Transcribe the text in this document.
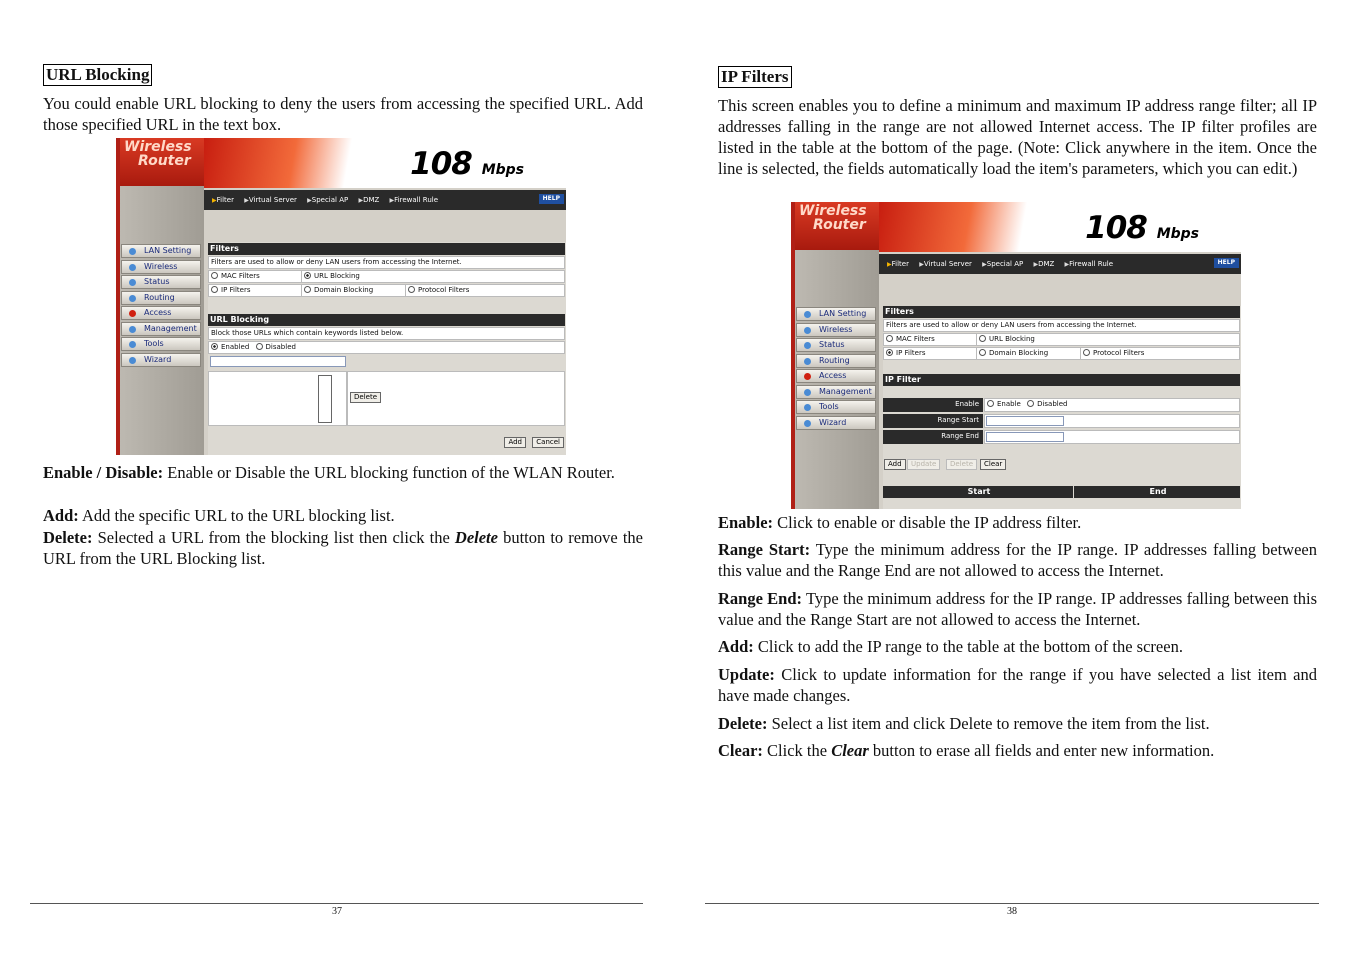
URL Blocking
You could enable URL blocking to deny the users from accessing the specified URL. Add those specified URL in the text box.
Wireless
Router	108 Mbps
▶ Filter ▶ Virtual Server ▶ Special AP ▶ DMZ ▶ Firewall Rule	HELP
LAN Setting
Wireless
Status
Routing
Access
Management
Tools
Wizard
Filters
Filters are used to allow or deny LAN users from accessing the Internet.
MAC Filters	URL Blocking
IP Filters	Domain Blocking	Protocol Filters
URL Blocking
Block those URLs which contain keywords listed below.
Enabled Disabled
Delete
Add	Cancel
Enable / Disable: Enable or Disable the URL blocking function of the WLAN Router.
Add: Add the specific URL to the URL blocking list.
Delete: Selected a URL from the blocking list then click the Delete button to remove the URL from the URL Blocking list.
37
IP Filters
This screen enables you to define a minimum and maximum IP address range filter; all IP addresses falling in the range are not allowed Internet access. The IP filter profiles are listed in the table at the bottom of the page. (Note: Click anywhere in the item. Once the line is selected, the fields automatically load the item's parameters, which you can edit.)
Wireless
Router	108 Mbps
▶ Filter ▶ Virtual Server ▶ Special AP ▶ DMZ ▶ Firewall Rule	HELP
LAN Setting
Wireless
Status
Routing
Access
Management
Tools
Wizard
Filters
Filters are used to allow or deny LAN users from accessing the Internet.
MAC Filters	URL Blocking
IP Filters	Domain Blocking	Protocol Filters
IP Filter
Enable	Enable Disabled
Range Start
Range End
Add	Update	Delete	Clear
Start	End
Enable: Click to enable or disable the IP address filter.
Range Start: Type the minimum address for the IP range. IP addresses falling between this value and the Range End are not allowed to access the Internet.
Range End: Type the minimum address for the IP range. IP addresses falling between this value and the Range Start are not allowed to access the Internet.
Add: Click to add the IP range to the table at the bottom of the screen.
Update: Click to update information for the range if you have selected a list item and have made changes.
Delete: Select a list item and click Delete to remove the item from the list.
Clear: Click the Clear button to erase all fields and enter new information.
38
